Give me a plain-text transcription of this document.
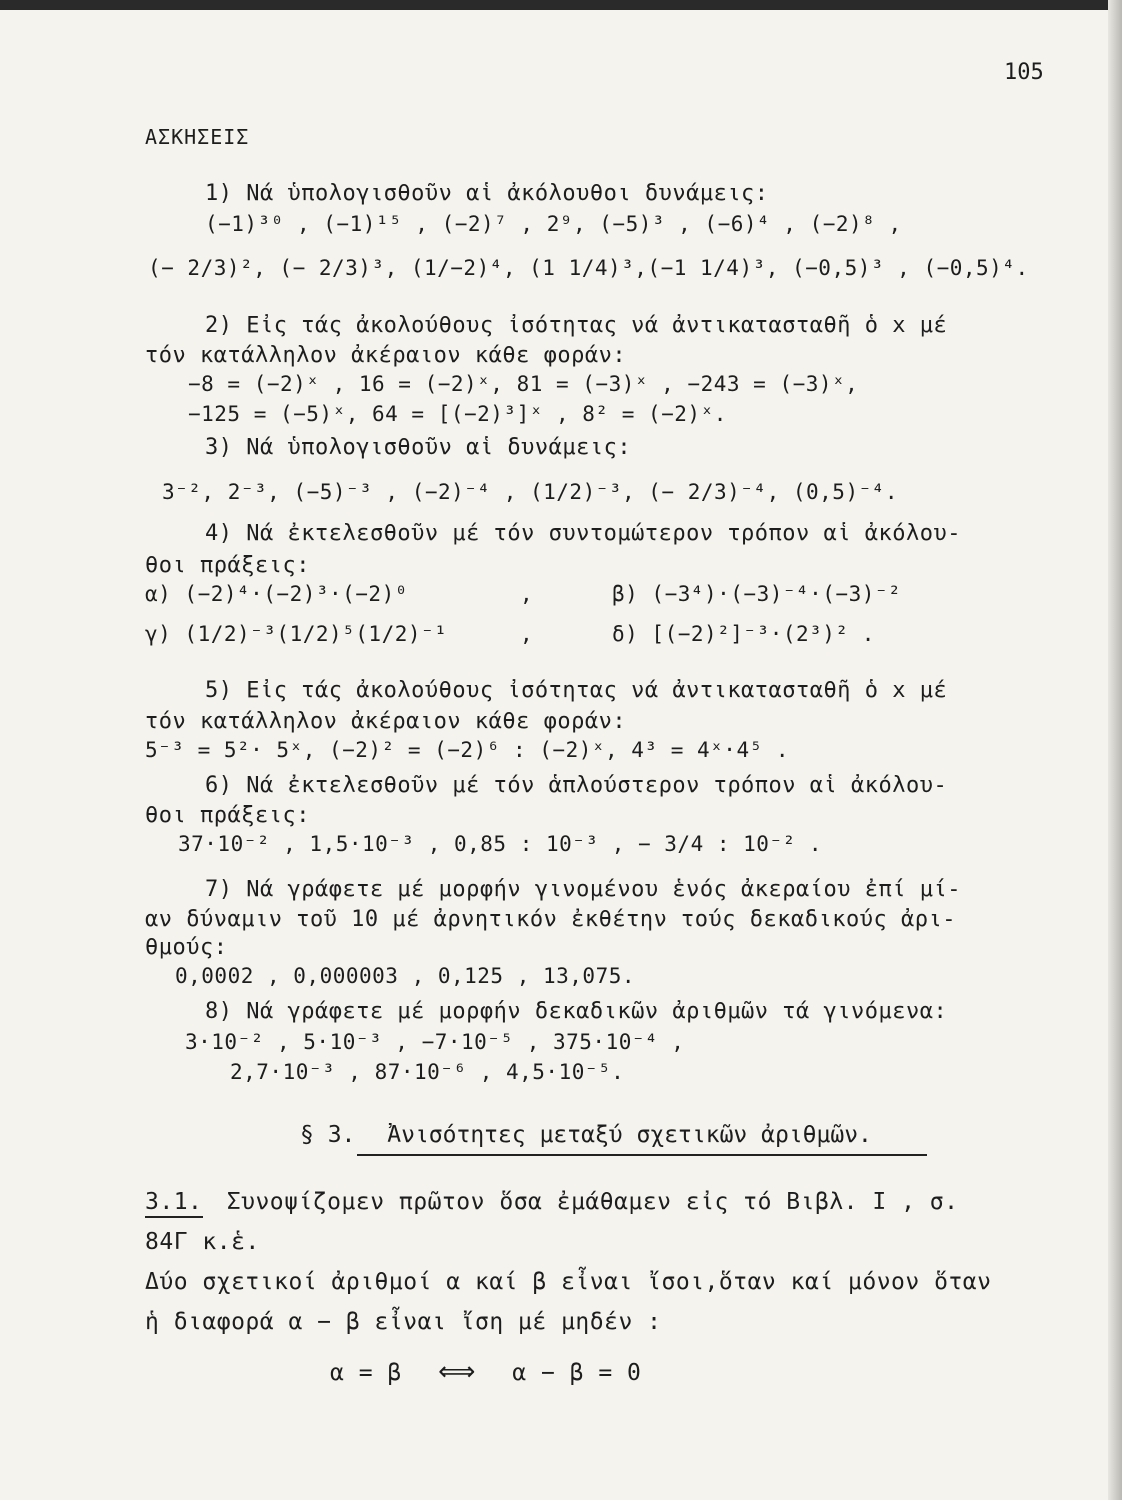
105
ΑΣΚΗΣΕΙΣ
1) Νά ὑπολογισθοῦν αἱ ἀκόλουθοι δυνάμεις:
(−1)³⁰ , (−1)¹⁵ , (−2)⁷ , 2⁹, (−5)³ , (−6)⁴ , (−2)⁸ ,
(− 2/3)², (− 2/3)³, (1/−2)⁴, (1 1/4)³,(−1 1/4)³, (−0,5)³ , (−0,5)⁴.
2) Εἰς τάς ἀκολούθους ἰσότητας νά ἀντικατασταθῆ ὁ x μέ
τόν κατάλληλον ἀκέραιον κάθε φοράν:
−8 = (−2)ˣ , 16 = (−2)ˣ, 81 = (−3)ˣ , −243 = (−3)ˣ,
−125 = (−5)ˣ, 64 = [(−2)³]ˣ , 8² = (−2)ˣ.
3) Νά ὑπολογισθοῦν αἱ δυνάμεις:
3⁻², 2⁻³, (−5)⁻³ , (−2)⁻⁴ , (1/2)⁻³, (− 2/3)⁻⁴, (0,5)⁻⁴.
4) Νά ἐκτελεσθοῦν μέ τόν συντομώτερον τρόπον αἱ ἀκόλου-
θοι πράξεις:
α) (−2)⁴·(−2)³·(−2)⁰	,	β) (−3⁴)·(−3)⁻⁴·(−3)⁻²
γ) (1/2)⁻³(1/2)⁵(1/2)⁻¹	,	δ) [(−2)²]⁻³·(2³)² .
5) Εἰς τάς ἀκολούθους ἰσότητας νά ἀντικατασταθῆ ὁ x μέ
τόν κατάλληλον ἀκέραιον κάθε φοράν:
5⁻³ = 5²· 5ˣ, (−2)² = (−2)⁶ : (−2)ˣ, 4³ = 4ˣ·4⁵ .
6) Νά ἐκτελεσθοῦν μέ τόν ἁπλούστερον τρόπον αἱ ἀκόλου-
θοι πράξεις:
37·10⁻² , 1,5·10⁻³ , 0,85 : 10⁻³ , − 3/4 : 10⁻² .
7) Νά γράφετε μέ μορφήν γινομένου ἑνός ἀκεραίου ἐπί μί-
αν δύναμιν τοῦ 10 μέ ἀρνητικόν ἐκθέτην τούς δεκαδικούς ἀρι-
θμούς:
0,0002 , 0,000003 , 0,125 , 13,075.
8) Νά γράφετε μέ μορφήν δεκαδικῶν ἀριθμῶν τά γινόμενα:
3·10⁻² , 5·10⁻³ , −7·10⁻⁵ , 375·10⁻⁴ ,
2,7·10⁻³ , 87·10⁻⁶ , 4,5·10⁻⁵.
§ 3. Ἀνισότητες μεταξύ σχετικῶν ἀριθμῶν.
3.1. Συνοψίζομεν πρῶτον ὅσα ἐμάθαμεν εἰς τό Βιβλ. Ι , σ.
84Γ κ.ἑ.
Δύο σχετικοί ἀριθμοί α καί β εἶναι ἴσοι,ὅταν καί μόνον ὅταν
ἡ διαφορά α − β εἶναι ἴση μέ μηδέν :
α = β ⟺ α − β = 0
